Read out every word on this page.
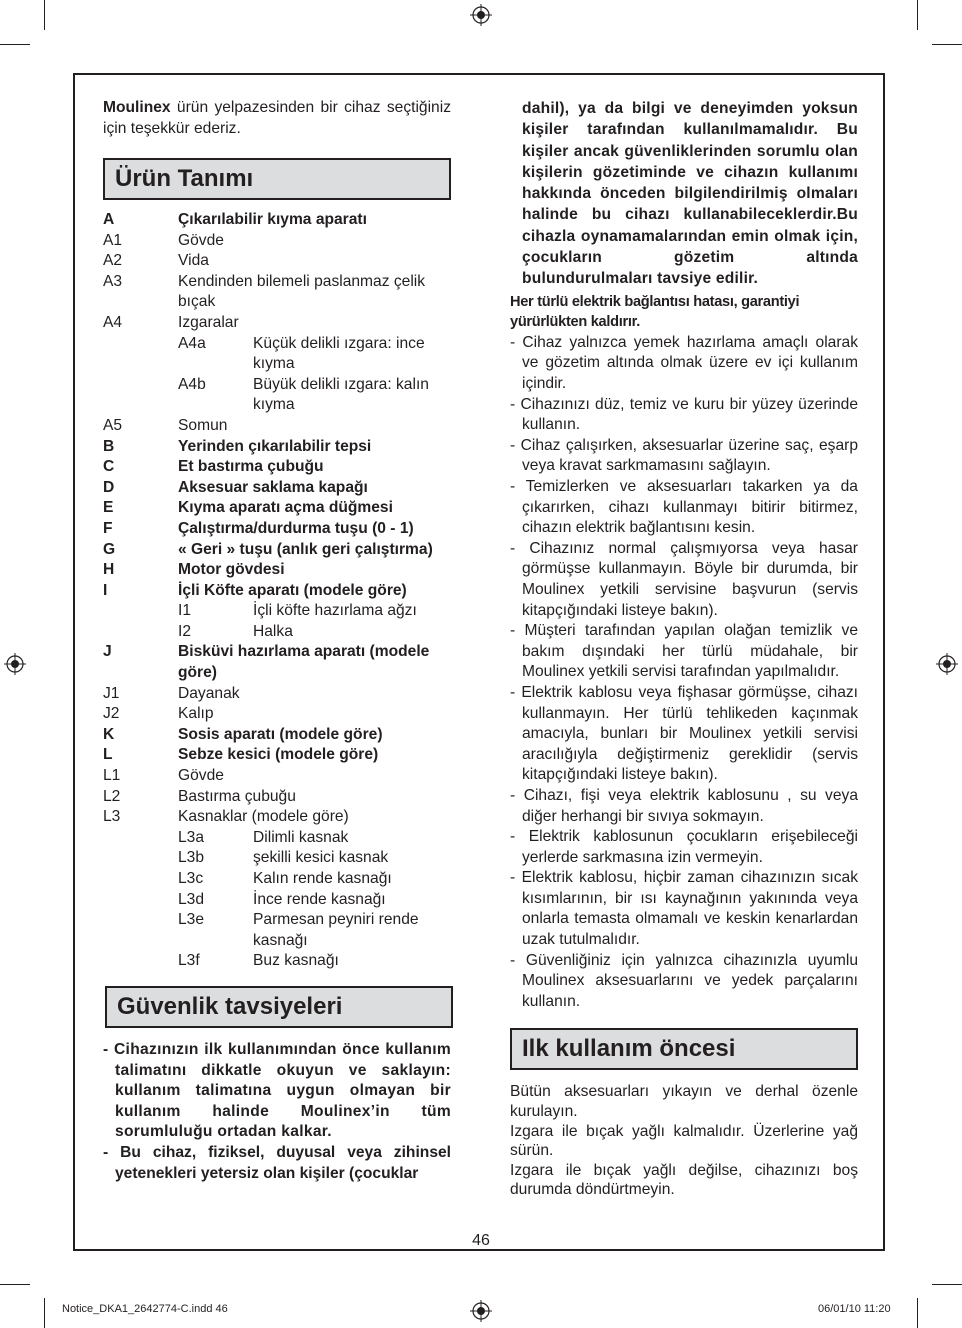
Moulinex ürün yelpazesinden bir cihaz seçtiğiniz için teşekkür ederiz.
Ürün Tanımı
A	Çıkarılabilir kıyma aparatı
A1	Gövde
A2	Vida
A3	Kendinden bilemeli paslanmaz çelik bıçak
A4	Izgaralar
A4a	Küçük delikli ızgara: ince kıyma
A4b	Büyük delikli ızgara: kalın kıyma
A5	Somun
B	Yerinden çıkarılabilir tepsi
C	Et bastırma çubuğu
D	Aksesuar saklama kapağı
E	Kıyma aparatı açma düğmesi
F	Çalıştırma/durdurma tuşu (0 - 1)
G	« Geri » tuşu (anlık geri çalıştırma)
H	Motor gövdesi
I	İçli Köfte aparatı (modele göre)
I1	İçli köfte hazırlama ağzı
I2	Halka
J	Bisküvi hazırlama aparatı (modele göre)
J1	Dayanak
J2	Kalıp
K	Sosis aparatı (modele göre)
L	Sebze kesici (modele göre)
L1	Gövde
L2	Bastırma çubuğu
L3	Kasnaklar (modele göre)
L3a	Dilimli kasnak
L3b	şekilli kesici kasnak
L3c	Kalın rende kasnağı
L3d	İnce rende kasnağı
L3e	Parmesan peyniri rende kasnağı
L3f	Buz kasnağı
Güvenlik tavsiyeleri
- Cihazınızın ilk kullanımından önce kullanım talimatını dikkatle okuyun ve saklayın: kullanım talimatına uygun olmayan bir kullanım halinde Moulinex’in tüm sorumluluğu ortadan kalkar.
- Bu cihaz, fiziksel, duyusal veya zihinsel yetenekleri yetersiz olan kişiler (çocuklar
dahil), ya da bilgi ve deneyimden yoksun kişiler tarafından kullanılmamalıdır. Bu kişiler ancak güvenliklerinden sorumlu olan kişilerin gözetiminde ve cihazın kullanımı hakkında önceden bilgilendirilmiş olmaları halinde bu cihazı kullanabileceklerdir.Bu cihazla oynamamalarından emin olmak için, çocukların gözetim altında bulundurulmaları tavsiye edilir.
Her türlü elektrik bağlantısı hatası, garantiyi yürürlükten kaldırır.
- Cihaz yalnızca yemek hazırlama amaçlı olarak ve gözetim altında olmak üzere ev içi kullanım içindir.
- Cihazınızı düz, temiz ve kuru bir yüzey üzerinde kullanın.
- Cihaz çalışırken, aksesuarlar üzerine saç, eşarp veya kravat sarkmamasını sağlayın.
- Temizlerken ve aksesuarları takarken ya da çıkarırken, cihazı kullanmayı bitirir bitirmez, cihazın elektrik bağlantısını kesin.
- Cihazınız normal çalışmıyorsa veya hasar görmüşse kullanmayın. Böyle bir durumda, bir Moulinex yetkili servisine başvurun (servis kitapçığındaki listeye bakın).
- Müşteri tarafından yapılan olağan temizlik ve bakım dışındaki her türlü müdahale, bir Moulinex yetkili servisi tarafından yapılmalıdır.
- Elektrik kablosu veya fişhasar görmüşse, cihazı kullanmayın. Her türlü tehlikeden kaçınmak amacıyla, bunları bir Moulinex yetkili servisi aracılığıyla değiştirmeniz gereklidir (servis kitapçığındaki listeye bakın).
- Cihazı, fişi veya elektrik kablosunu , su veya diğer herhangi bir sıvıya sokmayın.
- Elektrik kablosunun çocukların erişebileceği yerlerde sarkmasına izin vermeyin.
- Elektrik kablosu, hiçbir zaman cihazınızın sıcak kısımlarının, bir ısı kaynağının yakınında veya onlarla temasta olmamalı ve keskin kenarlardan uzak tutulmalıdır.
- Güvenliğiniz için yalnızca cihazınızla uyumlu Moulinex aksesuarlarını ve yedek parçalarını kullanın.
Ilk kullanım öncesi
Bütün aksesuarları yıkayın ve derhal özenle kurulayın.
Izgara ile bıçak yağlı kalmalıdır. Üzerlerine yağ sürün.
Izgara ile bıçak yağlı değilse, cihazınızı boş durumda döndürtmeyin.
46
Notice_DKA1_2642774-C.indd 46	06/01/10 11:20
